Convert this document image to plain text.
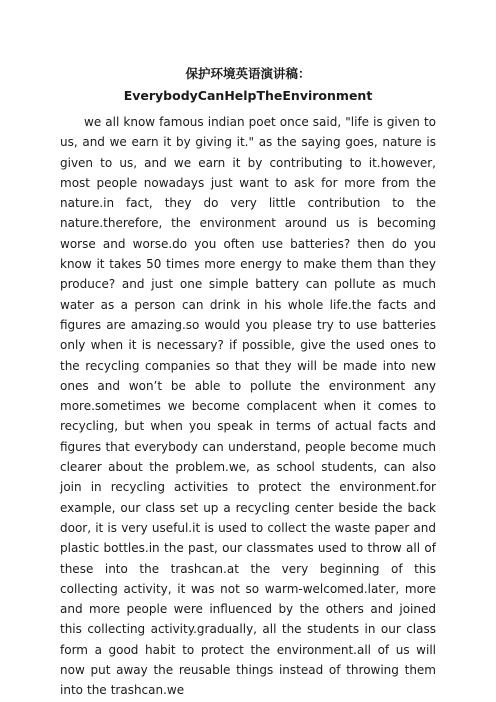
保护环境英语演讲稿：
EverybodyCanHelpTheEnvironment

we all know famous indian poet once said, "life is given to us, and we earn it by giving it." as the saying goes, nature is given to us, and we earn it by contributing to it.however, most people nowadays just want to ask for more from the nature.in fact, they do very little contribution to the nature.therefore, the environment around us is becoming worse and worse.do you often use batteries? then do you know it takes 50 times more energy to make them than they produce? and just one simple battery can pollute as much water as a person can drink in his whole life.the facts and figures are amazing.so would you please try to use batteries only when it is necessary? if possible, give the used ones to the recycling companies so that they will be made into new ones and won’t be able to pollute the environment any more.sometimes we become complacent when it comes to recycling, but when you speak in terms of actual facts and figures that everybody can understand, people become much clearer about the problem.we, as school students, can also join in recycling activities to protect the environment.for example, our class set up a recycling center beside the back door, it is very useful.it is used to collect the waste paper and plastic bottles.in the past, our classmates used to throw all of these into the trashcan.at the very beginning of this collecting activity, it was not so warm-welcomed.later, more and more people were influenced by the others and joined this collecting activity.gradually, all the students in our class form a good habit to protect the environment.all of us will now put away the reusable things instead of throwing them into the trashcan.we
